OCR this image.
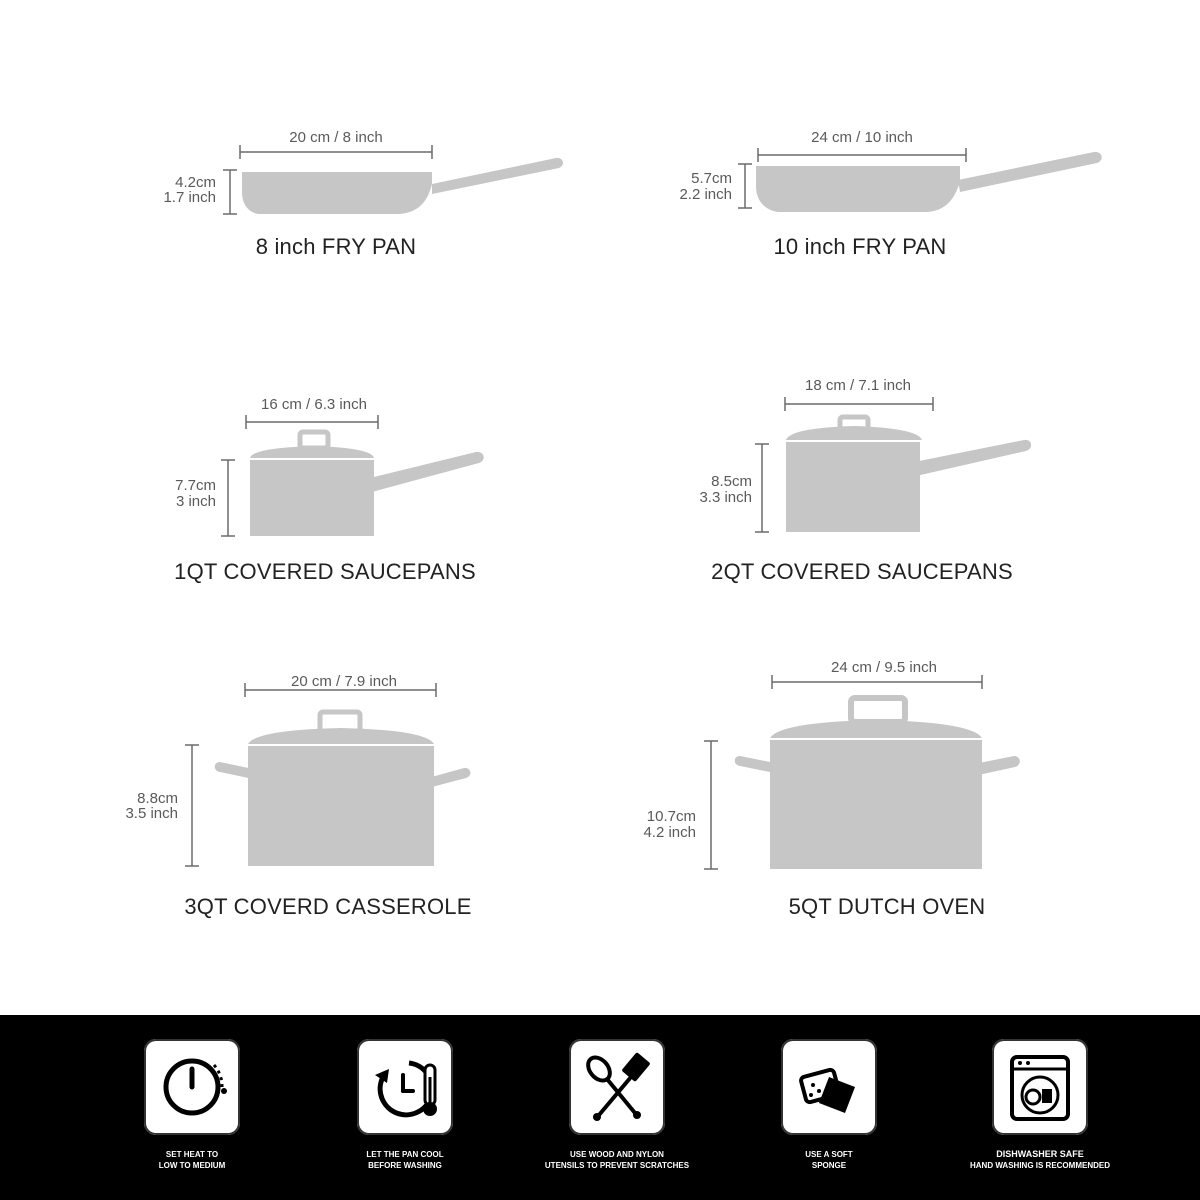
20 cm / 8 inch
4.2cm
1.7 inch
8 inch FRY PAN
24 cm / 10 inch
5.7cm
2.2 inch
10 inch FRY PAN
16 cm / 6.3 inch
7.7cm
3 inch
1QT COVERED SAUCEPANS
18 cm / 7.1 inch
8.5cm
3.3 inch
2QT COVERED SAUCEPANS
20 cm / 7.9 inch
8.8cm
3.5 inch
3QT COVERD CASSEROLE
24 cm / 9.5 inch
10.7cm
4.2 inch
5QT DUTCH OVEN
SET HEAT TO
LOW TO MEDIUM
LET THE PAN COOL
BEFORE WASHING
USE WOOD AND NYLON
UTENSILS TO PREVENT SCRATCHES
USE A SOFT
SPONGE
DISHWASHER SAFE
HAND WASHING IS RECOMMENDED
